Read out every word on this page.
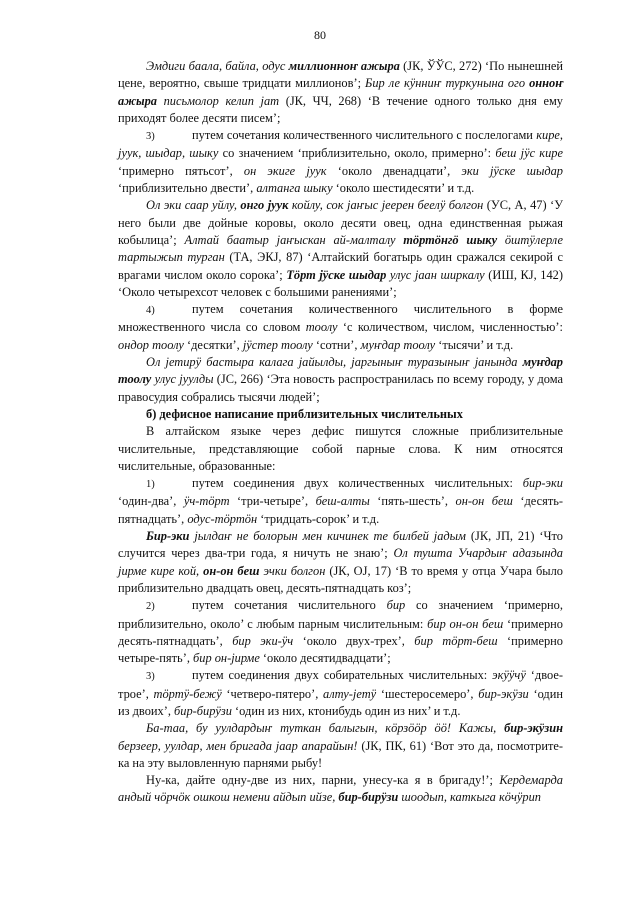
80

Эмдиги баала, байла, одус миллионноҥ ажыра (ЈК, ЎЎС, 272) ‘По нынешней цене, вероятно, свыше тридцати миллионов’; Бир ле кӱнниҥ туркунына ого онноҥ ажыра письмолор келип јат (ЈК, ЧЧ, 268) ‘В течение одного только дня ему приходят более десяти писем’;

3)	путем сочетания количественного числительного с послелогами кире, јуук, шыдар, шыку со значением ‘приблизительно, около, примерно’: беш јӱс кире ‘примерно пятьсот’, он экиге јуук ‘около двенадцати’, эки јӱске шыдар ‘приблизительно двести’, алтанга шыку ‘около шестидесяти’ и т.д.

Ол эки саар уйлу, онго јуук койлу, сок јаҥыс јеерен беелӱ болгон (УС, А, 47) ‘У него были две дойные коровы, около десяти овец, одна единственная рыжая кобылица’; Алтай баатыр јаҥыскан ай-малталу тӧртӧнгӧ шыку ӧштӱлерле тартыжып турган (ТА, ЭКЈ, 87) ‘Алтайский богатырь один сражался секирой с врагами числом около сорока’; Тӧрт јӱске шыдар улус јаан ширкалу (ИШ, КЈ, 142) ‘Около четырехсот человек с большими ранениями’;

4)	путем сочетания количественного числительного в форме множественного числа со словом тоолу ‘с количеством, числом, численностью’: ондор тоолу ‘десятки’, јӱстер тоолу ‘сотни’, муҥдар тоолу ‘тысячи’ и т.д.

Ол јетирӱ бастыра калага јайылды, јаргыныҥ туразыныҥ јанында муҥдар тоолу улус јуулды (ЈС, 266) ‘Эта новость распространилась по всему городу, у дома правосудия собрались тысячи людей’;

б) дефисное написание приблизительных числительных

В алтайском языке через дефис пишутся сложные приблизительные числительные, представляющие собой парные слова. К ним относятся числительные, образованные:

1)	путем соединения двух количественных числительных: бир-эки ‘один-два’, ӱч-тӧрт ‘три-четыре’, беш-алты ‘пять-шесть’, он-он беш ‘десять-пятнадцать’, одус-тӧртӧн ‘тридцать-сорок’ и т.д.

Бир-эки јылдаҥ не болорын мен кичинек те билбей јадым (ЈК, ЈП, 21) ‘Что случится через два-три года, я ничуть не знаю’; Ол тушта Учардыҥ адазында јирме кире кой, он-он беш эчки болгон (ЈК, ОЈ, 17) ‘В то время у отца Учара было приблизительно двадцать овец, десять-пятнадцать коз’;

2)	путем сочетания числительного бир со значением ‘примерно, приблизительно, около’ с любым парным числительным: бир он-он беш ‘примерно десять-пятнадцать’, бир эки-ӱч ‘около двух-трех’, бир тӧрт-беш ‘примерно четыре-пять’, бир он-јирме ‘около десятидвадцати’;

3)	путем соединения двух собирательных числительных: экӱӱчӱ ‘двое-трое’, тӧртӱ-бежӱ ‘четверо-пятеро’, алту-јетӱ ‘шестеросемеро’, бир-экӱзи ‘один из двоих’, бир-бирӱзи ‘один из них, ктонибудь один из них’ и т.д.

Ба-таа, бу уулдардыҥ туткан балыгын, кӧрзӧӧр ӧӧ! Кажы, бир-экӱзин берзеер, уулдар, мен бригада јаар апарайын! (ЈК, ПК, 61) ‘Вот это да, посмотрите-ка на эту выловленную парнями рыбу!

Ну-ка, дайте одну-две из них, парни, унесу-ка я в бригаду!’; Кердемарда андый чӧрчӧк ошкош немени айдып ийзе, бир-бирӱзи шоодып, каткыга кӧчӱрип
